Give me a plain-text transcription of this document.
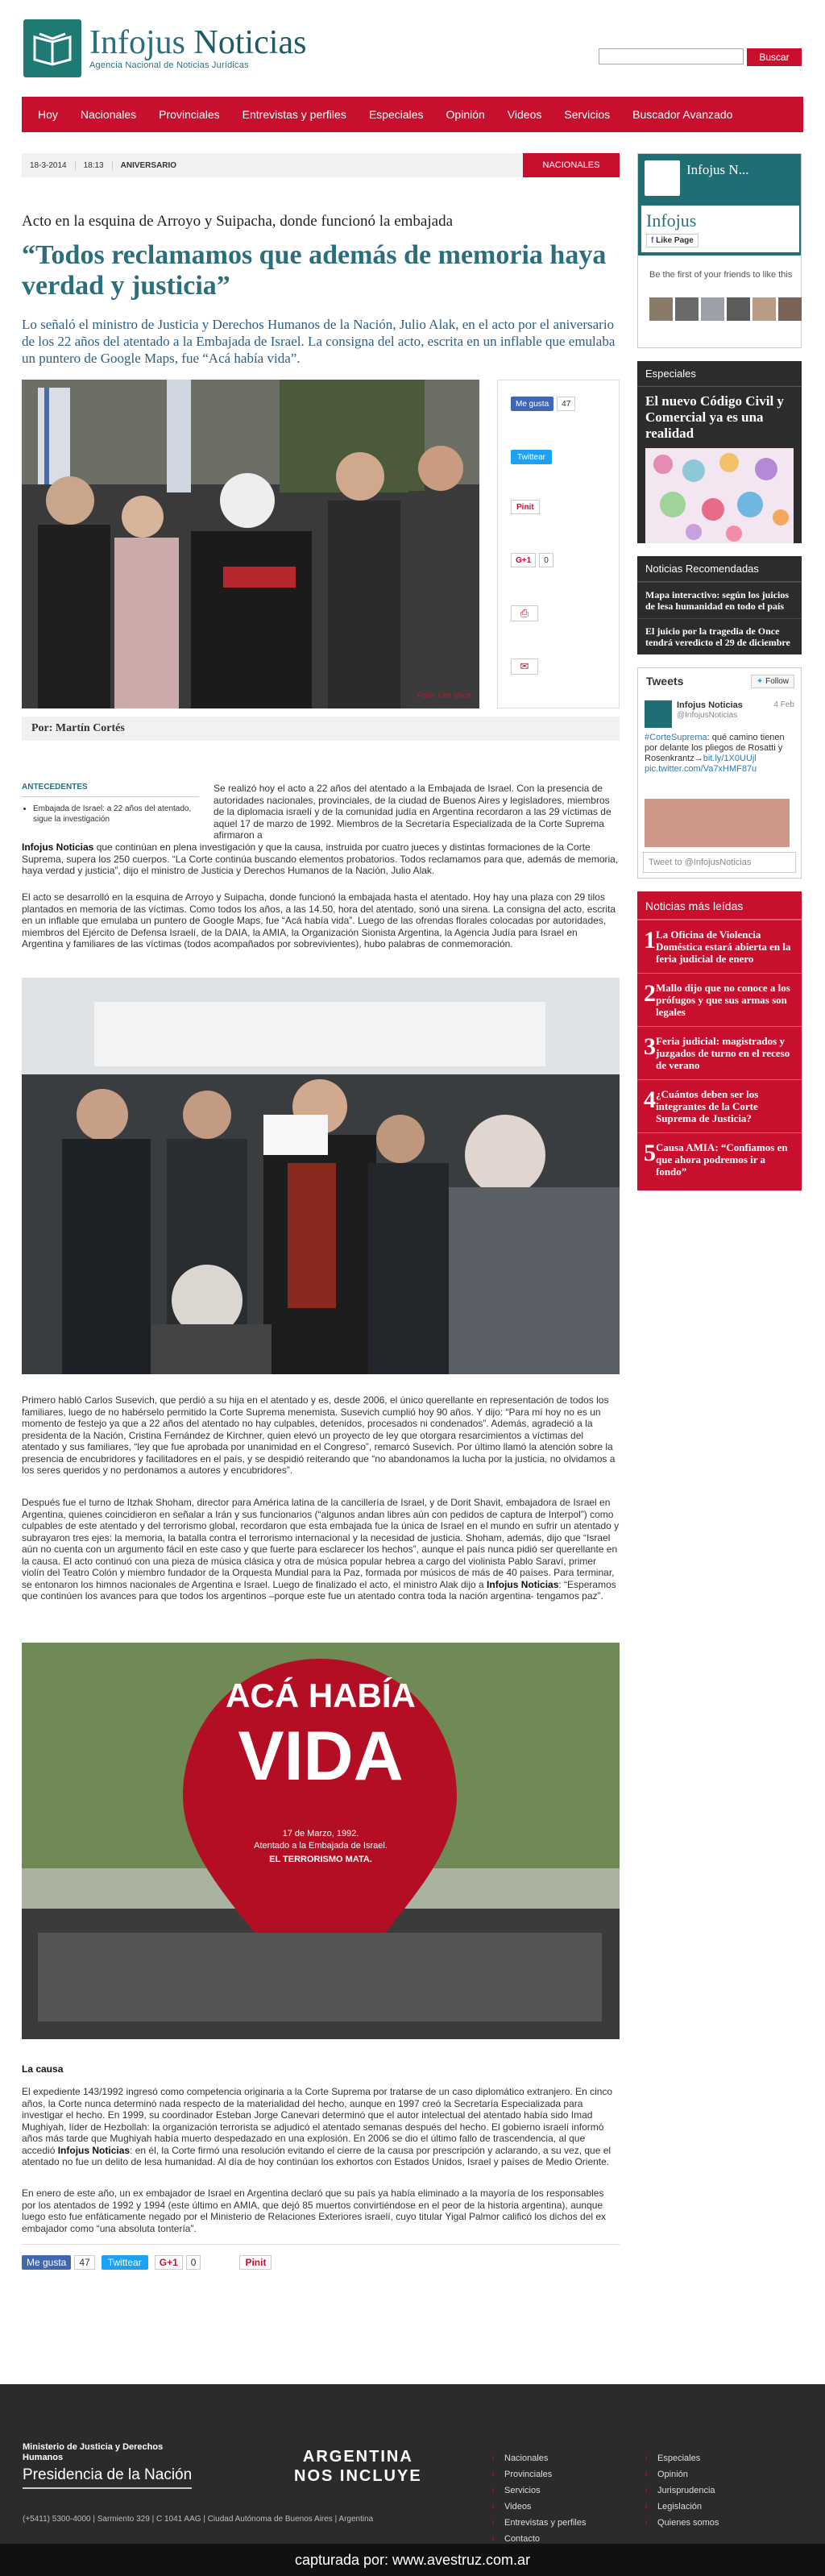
Infojus Noticias
Agencia Nacional de Noticias Jurídicas
Buscar
Hoy	Nacionales	Provinciales	Entrevistas y perfiles	Especiales	Opinión	Videos	Servicios	Buscador Avanzado
18-3-2014	18:13	ANIVERSARIO	NACIONALES
Acto en la esquina de Arroyo y Suipacha, donde funcionó la embajada
“Todos reclamamos que además de memoria haya verdad y justicia”

Lo señaló el ministro de Justicia y Derechos Humanos de la Nación, Julio Alak, en el acto por el aniversario de los 22 años del atentado a la Embajada de Israel. La consigna del acto, escrita en un inflable que emulaba un puntero de Google Maps, fue “Acá había vida”.

Foto: Leo Vaca
Me gusta	47
Twittear
Pinit
G+1	0
⎙
✉
Por: Martín Cortés
ANTECEDENTES
• Embajada de Israel: a 22 años del atentado, sigue la investigación

Se realizó hoy el acto a 22 años del atentado a la Embajada de Israel. Con la presencia de autoridades nacionales, provinciales, de la ciudad de Buenos Aires y legisladores, miembros de la diplomacia israelí y de la comunidad judía en Argentina recordaron a las 29 víctimas de aquel 17 de marzo de 1992. Miembros de la Secretaría Especializada de la Corte Suprema afirmaron a

Infojus Noticias que continúan en plena investigación y que la causa, instruida por cuatro jueces y distintas formaciones de la Corte Suprema, supera los 250 cuerpos. “La Corte continúa buscando elementos probatorios. Todos reclamamos para que, además de memoria, haya verdad y justicia”, dijo el ministro de Justicia y Derechos Humanos de la Nación, Julio Alak.

El acto se desarrolló en la esquina de Arroyo y Suipacha, donde funcionó la embajada hasta el atentado. Hoy hay una plaza con 29 tilos plantados en memoria de las víctimas. Como todos los años, a las 14.50, hora del atentado, sonó una sirena. La consigna del acto, escrita en un inflable que emulaba un puntero de Google Maps, fue “Acá había vida”. Luego de las ofrendas florales colocadas por autoridades, miembros del Ejército de Defensa Israelí, de la DAIA, la AMIA, la Organización Sionista Argentina, la Agencia Judía para Israel en Argentina y familiares de las víctimas (todos acompañados por sobrevivientes), hubo palabras de conmemoración.

Primero habló Carlos Susevich, que perdió a su hija en el atentado y es, desde 2006, el único querellante en representación de todos los familiares, luego de no habérselo permitido la Corte Suprema menemista. Susevich cumplió hoy 90 años. Y dijo: “Para mí hoy no es un momento de festejo ya que a 22 años del atentado no hay culpables, detenidos, procesados ni condenados”. Además, agradeció a la presidenta de la Nación, Cristina Fernández de Kirchner, quien elevó un proyecto de ley que otorgara resarcimientos a víctimas del atentado y sus familiares, “ley que fue aprobada por unanimidad en el Congreso”, remarcó Susevich. Por último llamó la atención sobre la presencia de encubridores y facilitadores en el país, y se despidió reiterando que “no abandonamos la lucha por la justicia, no olvidamos a los seres queridos y no perdonamos a autores y encubridores”.

Después fue el turno de Itzhak Shoham, director para América latina de la cancillería de Israel, y de Dorit Shavit, embajadora de Israel en Argentina, quienes coincidieron en señalar a Irán y sus funcionarios (“algunos andan libres aún con pedidos de captura de Interpol”) como culpables de este atentado y del terrorismo global, recordaron que esta embajada fue la única de Israel en el mundo en sufrir un atentado y subrayaron tres ejes: la memoria, la batalla contra el terrorismo internacional y la necesidad de justicia. Shoham, además, dijo que “Israel aún no cuenta con un argumento fácil en este caso y que fuerte para esclarecer los hechos”, aunque el país nunca pidió ser querellante en la causa. El acto continuó con una pieza de música clásica y otra de música popular hebrea a cargo del violinista Pablo Saraví, primer violín del Teatro Colón y miembro fundador de la Orquesta Mundial para la Paz, formada por músicos de más de 40 países. Para terminar, se entonaron los himnos nacionales de Argentina e Israel. Luego de finalizado el acto, el ministro Alak dijo a Infojus Noticias: “Esperamos que continúen los avances para que todos los argentinos –porque este fue un atentado contra toda la nación argentina- tengamos paz”.

ACÁ HABÍA
VIDA
17 de Marzo, 1992.
Atentado a la Embajada de Israel.
EL TERRORISMO MATA.
La causa

El expediente 143/1992 ingresó como competencia originaria a la Corte Suprema por tratarse de un caso diplomático extranjero. En cinco años, la Corte nunca determinó nada respecto de la materialidad del hecho, aunque en 1997 creó la Secretaría Especializada para investigar el hecho. En 1999, su coordinador Esteban Jorge Canevari determinó que el autor intelectual del atentado había sido Imad Mughiyah, líder de Hezbollah: la organización terrorista se adjudicó el atentado semanas después del hecho. El gobierno israelí informó años más tarde que Mughiyah había muerto despedazado en una explosión. En 2006 se dio el último fallo de trascendencia, al que accedió Infojus Noticias: en él, la Corte firmó una resolución evitando el cierre de la causa por prescripción y aclarando, a su vez, que el atentado no fue un delito de lesa humanidad. Al día de hoy continúan los exhortos con Estados Unidos, Israel y países de Medio Oriente.

En enero de este año, un ex embajador de Israel en Argentina declaró que su país ya había eliminado a la mayoría de los responsables por los atentados de 1992 y 1994 (este último en AMIA, que dejó 85 muertos convirtiéndose en el peor de la historia argentina), aunque luego esto fue enfáticamente negado por el Ministerio de Relaciones Exteriores israelí, cuyo titular Yigal Palmor calificó los dichos del ex embajador como “una absoluta tontería”.

Me gusta	47	Twittear	G+1	0	Pinit
Infojus N...
Infojus
f Like Page
Be the first of your friends to like this
Especiales
El nuevo Código Civil y Comercial ya es una realidad
Noticias Recomendadas
Mapa interactivo: según los juicios de lesa humanidad en todo el país
El juicio por la tragedia de Once tendrá veredicto el 29 de diciembre
Tweets	✦ Follow
Infojus Noticias
@InfojusNoticias
4 Feb
#CorteSuprema: qué camino tienen por delante los pliegos de Rosatti y Rosenkrantz→bit.ly/1X0UUjl pic.twitter.com/Va7xHMF87u
Tweet to @InfojusNoticias
Noticias más leídas
1 La Oficina de Violencia Doméstica estará abierta en la feria judicial de enero
2 Mallo dijo que no conoce a los prófugos y que sus armas son legales
3 Feria judicial: magistrados y juzgados de turno en el receso de verano
4 ¿Cuántos deben ser los integrantes de la Corte Suprema de Justicia?
5 Causa AMIA: “Confiamos en que ahora podremos ir a fondo”
Ministerio de Justicia y Derechos Humanos
Presidencia de la Nación
ARGENTINA
NOS INCLUYE
(+5411) 5300-4000 | Sarmiento 329 | C 1041 AAG | Ciudad Autónoma de Buenos Aires | Argentina
› Nacionales
› Provinciales
› Servicios
› Videos
› Entrevistas y perfiles
› Contacto
› Especiales
› Opinión
› Jurisprudencia
› Legislación
› Quienes somos
capturada por: www.avestruz.com.ar
